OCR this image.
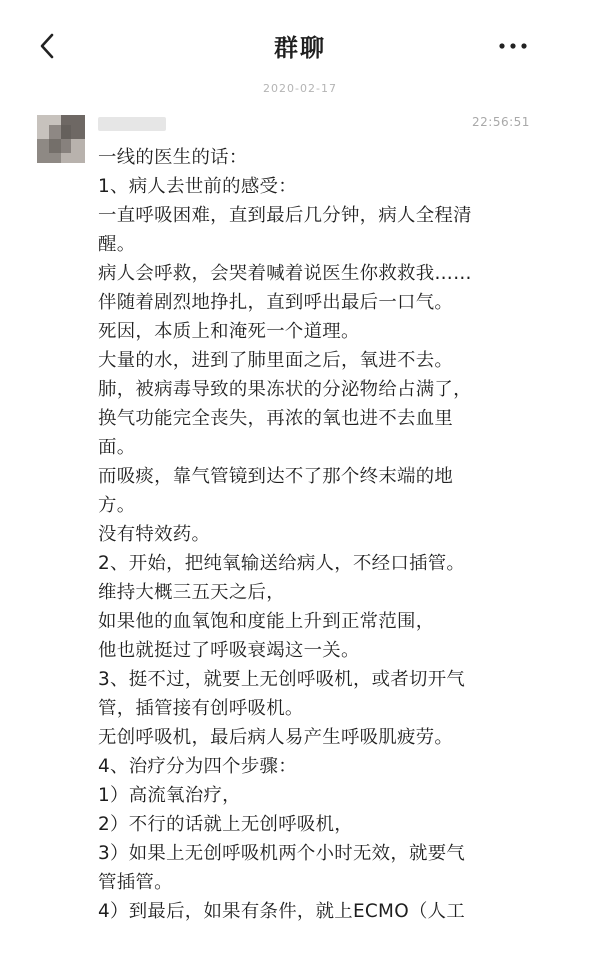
群聊
2020-02-17
22:56:51
一线的医生的话：
1、病人去世前的感受：
一直呼吸困难，直到最后几分钟，病人全程清
醒。
病人会呼救，会哭着喊着说医生你救救我……
伴随着剧烈地挣扎，直到呼出最后一口气。
死因，本质上和淹死一个道理。
大量的水，进到了肺里面之后，氧进不去。
肺，被病毒导致的果冻状的分泌物给占满了，
换气功能完全丧失，再浓的氧也进不去血里
面。
而吸痰，靠气管镜到达不了那个终末端的地
方。
没有特效药。
2、开始，把纯氧输送给病人，不经口插管。
维持大概三五天之后，
如果他的血氧饱和度能上升到正常范围，
他也就挺过了呼吸衰竭这一关。
3、挺不过，就要上无创呼吸机，或者切开气
管，插管接有创呼吸机。
无创呼吸机，最后病人易产生呼吸肌疲劳。
4、治疗分为四个步骤：
1）高流氧治疗，
2）不行的话就上无创呼吸机，
3）如果上无创呼吸机两个小时无效，就要气
管插管。
4）到最后，如果有条件，就上ECMO（人工
